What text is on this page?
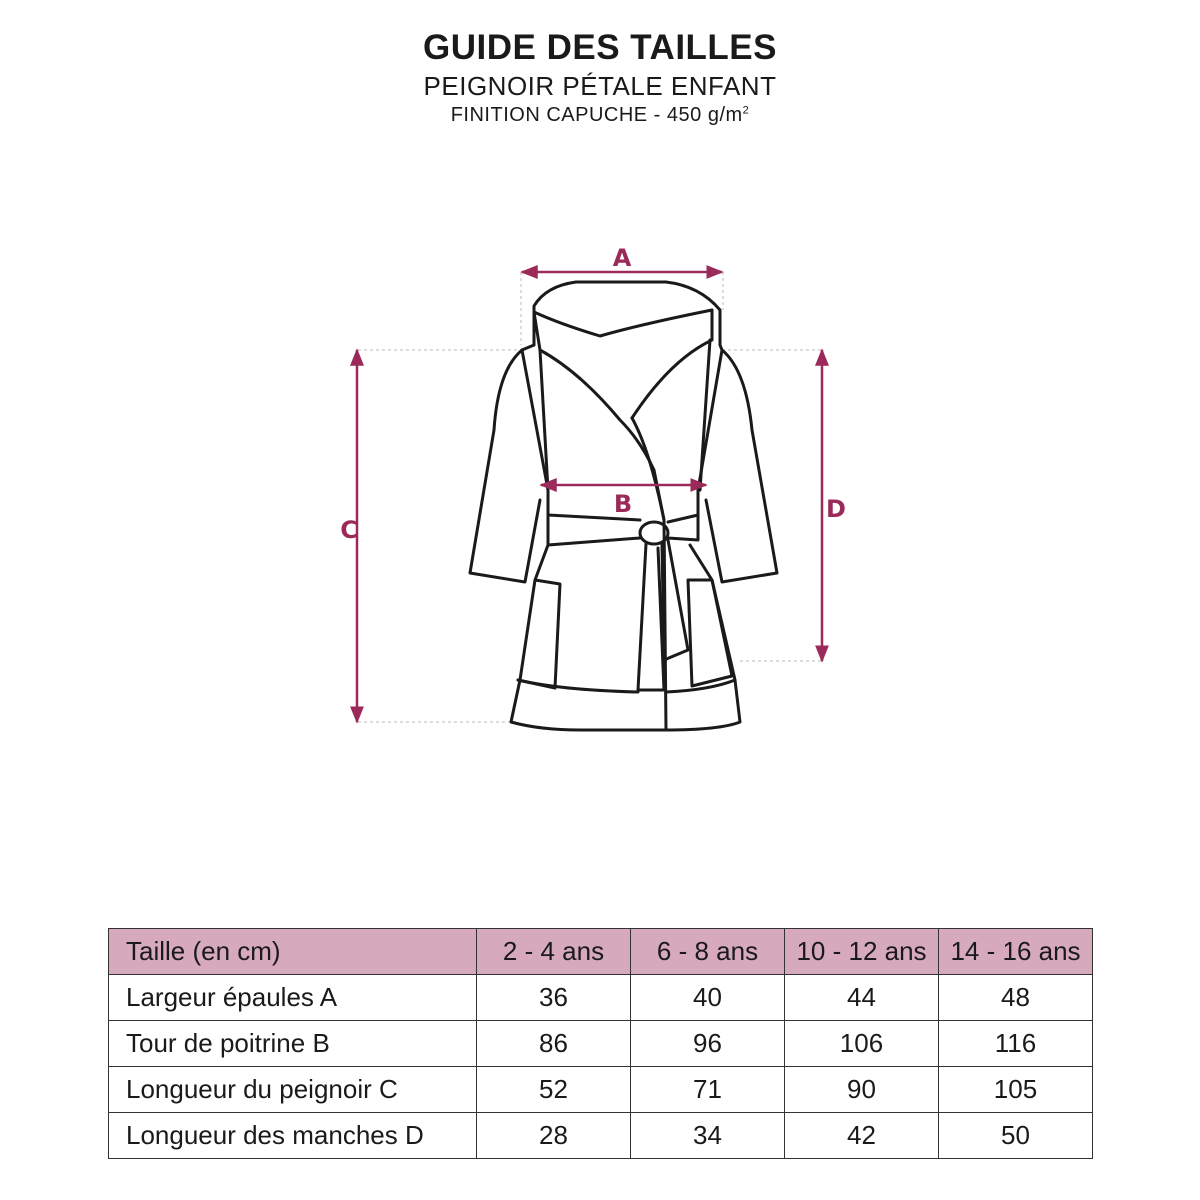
GUIDE DES TAILLES
PEIGNOIR PÉTALE ENFANT
FINITION CAPUCHE - 450 $g/m^2$
A
B
C
D
Taille (en cm)	2 - 4 ans	6 - 8 ans	10 - 12 ans	14 - 16 ans
Largeur épaules A	36	40	44	48
Tour de poitrine B	86	96	106	116
Longueur du peignoir C	52	71	90	105
Longueur des manches D	28	34	42	50
